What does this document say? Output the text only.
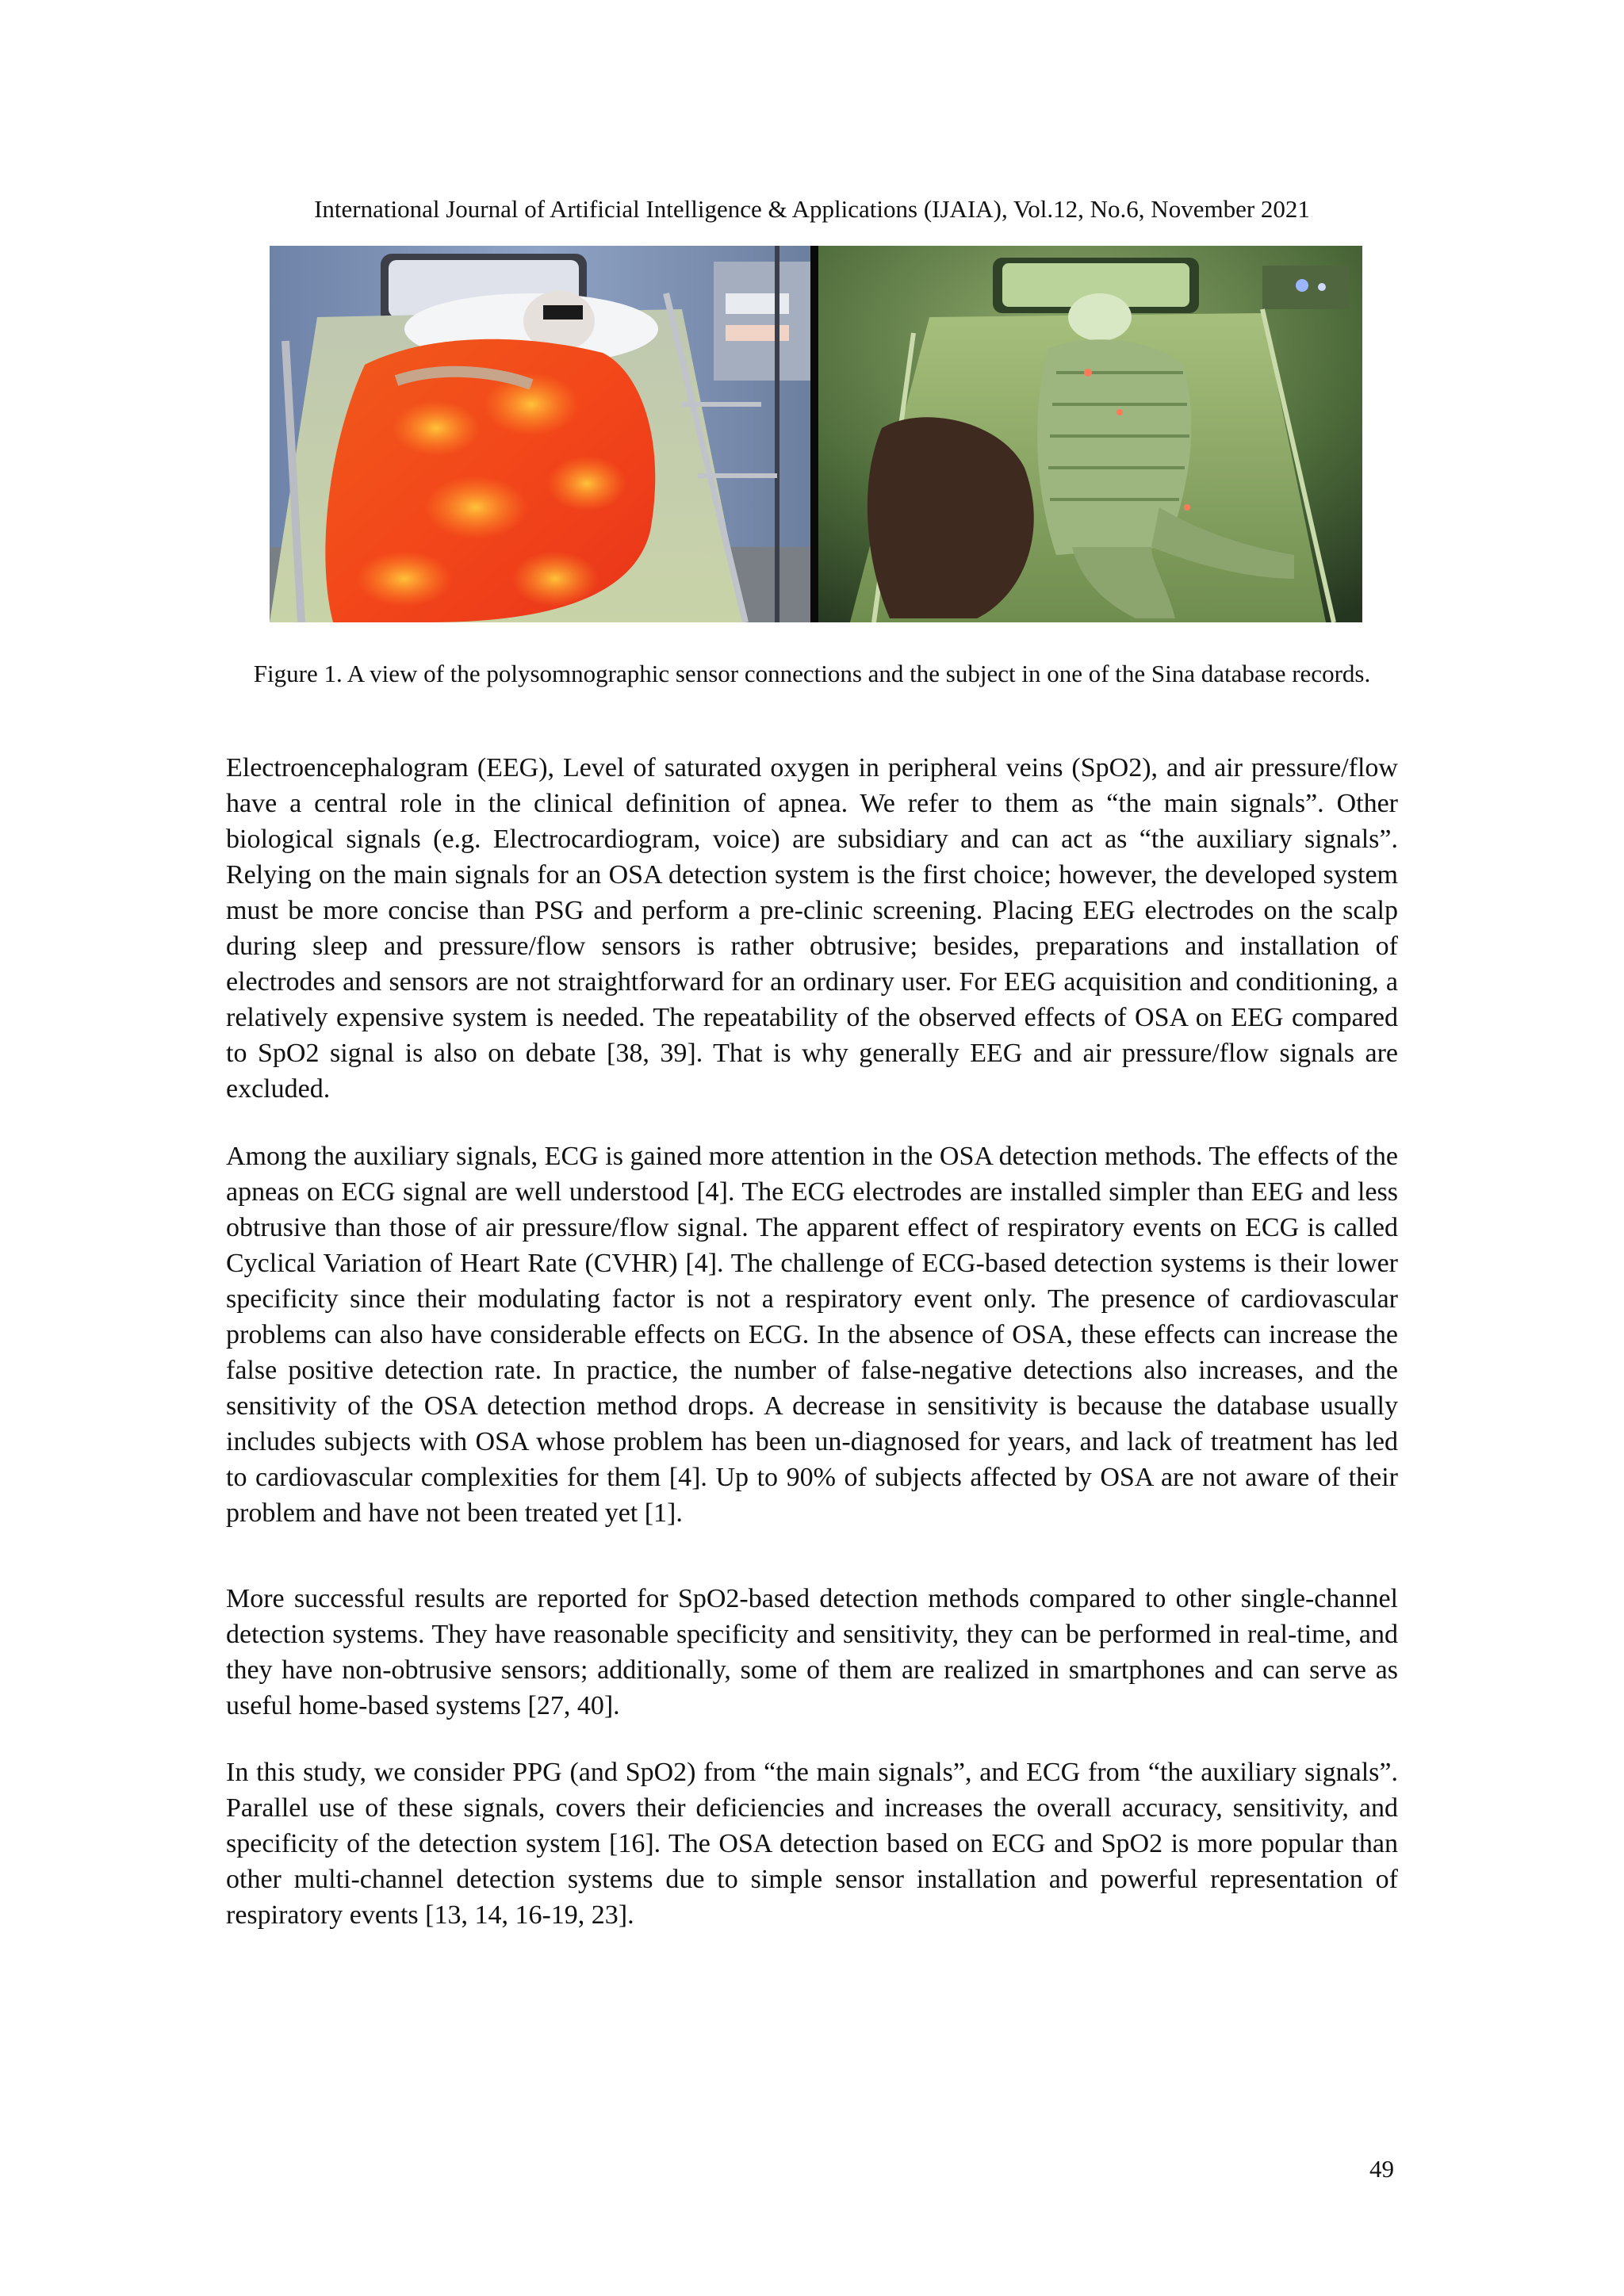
International Journal of Artificial Intelligence & Applications (IJAIA), Vol.12, No.6, November 2021
Figure 1. A view of the polysomnographic sensor connections and the subject in one of the Sina database records.

Electroencephalogram (EEG), Level of saturated oxygen in peripheral veins (SpO2), and air pressure/flow have a central role in the clinical definition of apnea. We refer to them as “the main signals”. Other biological signals (e.g. Electrocardiogram, voice) are subsidiary and can act as “the auxiliary signals”. Relying on the main signals for an OSA detection system is the first choice; however, the developed system must be more concise than PSG and perform a pre-clinic screening. Placing EEG electrodes on the scalp during sleep and pressure/flow sensors is rather obtrusive; besides, preparations and installation of electrodes and sensors are not straightforward for an ordinary user. For EEG acquisition and conditioning, a relatively expensive system is needed. The repeatability of the observed effects of OSA on EEG compared to SpO2 signal is also on debate [38, 39]. That is why generally EEG and air pressure/flow signals are excluded.

Among the auxiliary signals, ECG is gained more attention in the OSA detection methods. The effects of the apneas on ECG signal are well understood [4]. The ECG electrodes are installed simpler than EEG and less obtrusive than those of air pressure/flow signal. The apparent effect of respiratory events on ECG is called Cyclical Variation of Heart Rate (CVHR) [4]. The challenge of ECG-based detection systems is their lower specificity since their modulating factor is not a respiratory event only. The presence of cardiovascular problems can also have considerable effects on ECG. In the absence of OSA, these effects can increase the false positive detection rate. In practice, the number of false-negative detections also increases, and the sensitivity of the OSA detection method drops. A decrease in sensitivity is because the database usually includes subjects with OSA whose problem has been un-diagnosed for years, and lack of treatment has led to cardiovascular complexities for them [4]. Up to 90% of subjects affected by OSA are not aware of their problem and have not been treated yet [1].

More successful results are reported for SpO2-based detection methods compared to other single-channel detection systems. They have reasonable specificity and sensitivity, they can be performed in real-time, and they have non-obtrusive sensors; additionally, some of them are realized in smartphones and can serve as useful home-based systems [27, 40].

In this study, we consider PPG (and SpO2) from “the main signals”, and ECG from “the auxiliary signals”. Parallel use of these signals, covers their deficiencies and increases the overall accuracy, sensitivity, and specificity of the detection system [16]. The OSA detection based on ECG and SpO2 is more popular than other multi-channel detection systems due to simple sensor installation and powerful representation of respiratory events [13, 14, 16-19, 23].

49
